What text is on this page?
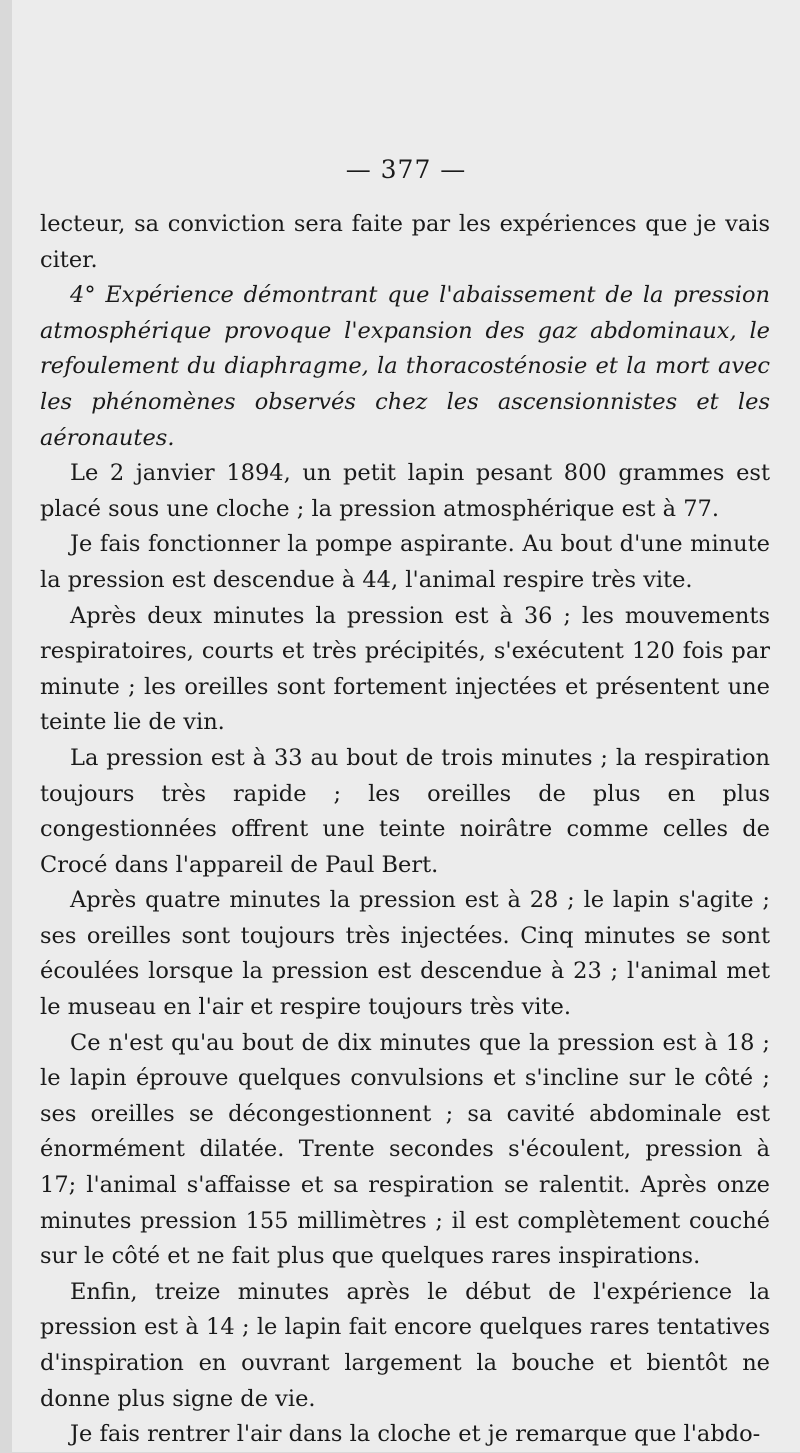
— 377 —

lecteur, sa conviction sera faite par les expériences que je vais citer.

4° Expérience démontrant que l'abaissement de la pression atmosphérique provoque l'expansion des gaz abdominaux, le refoulement du diaphragme, la thoracosténosie et la mort avec les phénomènes observés chez les ascensionnistes et les aéronautes.

Le 2 janvier 1894, un petit lapin pesant 800 grammes est placé sous une cloche ; la pression atmosphérique est à 77.

Je fais fonctionner la pompe aspirante. Au bout d'une minute la pression est descendue à 44, l'animal respire très vite.

Après deux minutes la pression est à 36 ; les mouvements respiratoires, courts et très précipités, s'exécutent 120 fois par minute ; les oreilles sont fortement injectées et présentent une teinte lie de vin.

La pression est à 33 au bout de trois minutes ; la respiration toujours très rapide ; les oreilles de plus en plus congestionnées offrent une teinte noirâtre comme celles de Crocé dans l'appareil de Paul Bert.

Après quatre minutes la pression est à 28 ; le lapin s'agite ; ses oreilles sont toujours très injectées. Cinq minutes se sont écoulées lorsque la pression est descendue à 23 ; l'animal met le museau en l'air et respire toujours très vite.

Ce n'est qu'au bout de dix minutes que la pression est à 18 ; le lapin éprouve quelques convulsions et s'incline sur le côté ; ses oreilles se décongestionnent ; sa cavité abdominale est énormément dilatée. Trente secondes s'écoulent, pression à 17; l'animal s'affaisse et sa respiration se ralentit. Après onze minutes pression 155 millimètres ; il est complètement couché sur le côté et ne fait plus que quelques rares inspirations.

Enfin, treize minutes après le début de l'expérience la pression est à 14 ; le lapin fait encore quelques rares tentatives d'inspiration en ouvrant largement la bouche et bientôt ne donne plus signe de vie.

Je fais rentrer l'air dans la cloche et je remarque que l'abdo-
